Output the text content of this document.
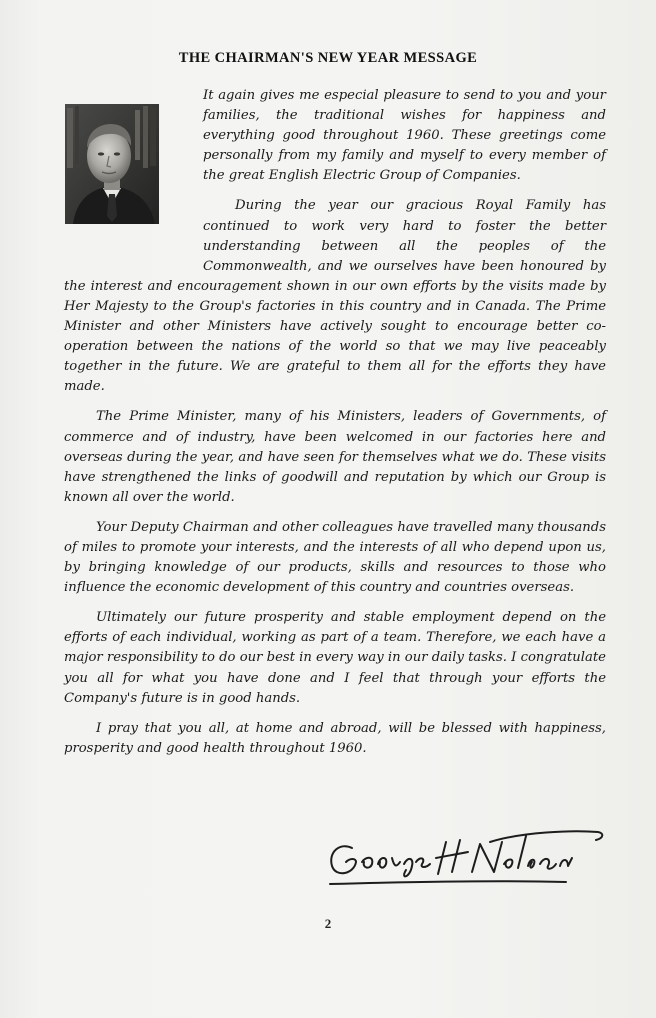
THE CHAIRMAN'S NEW YEAR MESSAGE

It again gives me especial pleasure to send to you and your families, the traditional wishes for happiness and everything good throughout 1960. These greetings come personally from my family and myself to every member of the great English Electric Group of Companies.

During the year our gracious Royal Family has continued to work very hard to foster the better understanding between all the peoples of the Commonwealth, and we ourselves have been honoured by the interest and encouragement shown in our own efforts by the visits made by Her Majesty to the Group's factories in this country and in Canada. The Prime Minister and other Ministers have actively sought to encourage better co-operation between the nations of the world so that we may live peaceably together in the future. We are grateful to them all for the efforts they have made.

The Prime Minister, many of his Ministers, leaders of Governments, of commerce and of industry, have been welcomed in our factories here and overseas during the year, and have seen for themselves what we do. These visits have strengthened the links of goodwill and reputation by which our Group is known all over the world.

Your Deputy Chairman and other colleagues have travelled many thousands of miles to promote your interests, and the interests of all who depend upon us, by bringing knowledge of our products, skills and resources to those who influence the economic development of this country and countries overseas.

Ultimately our future prosperity and stable employment depend on the efforts of each individual, working as part of a team. Therefore, we each have a major responsibility to do our best in every way in our daily tasks. I congratulate you all for what you have done and I feel that through your efforts the Company's future is in good hands.

I pray that you all, at home and abroad, will be blessed with happiness, prosperity and good health throughout 1960.

2
